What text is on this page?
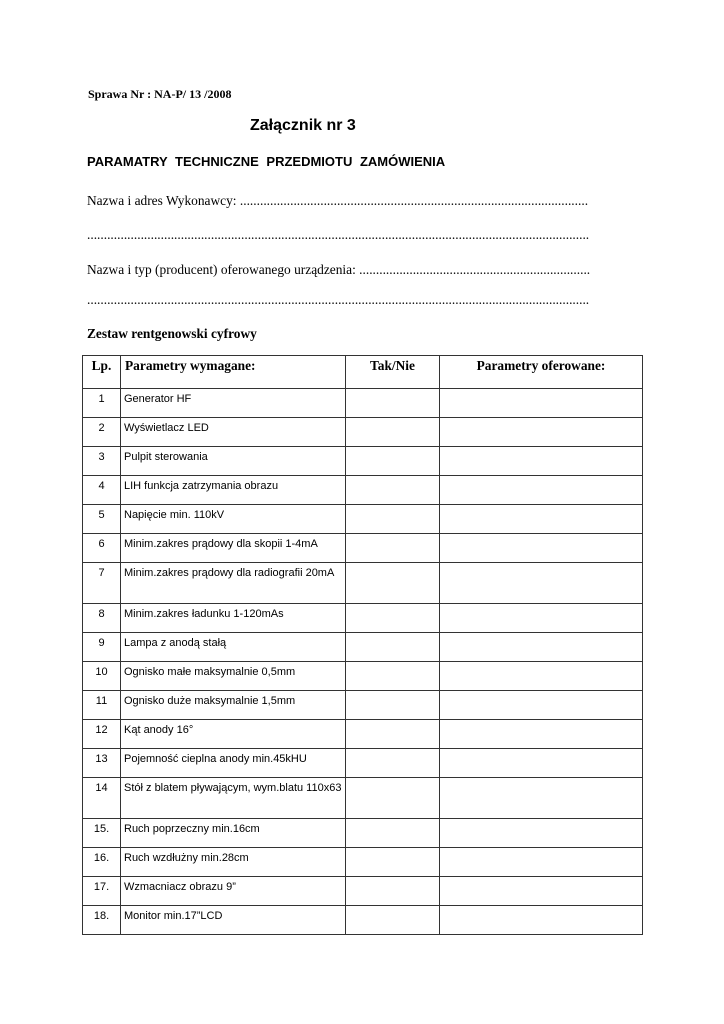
Sprawa Nr : NA-P/ 13 /2008
Załącznik nr 3
PARAMATRY TECHNICZNE PRZEDMIOTU ZAMÓWIENIA
Nazwa i adres Wykonawcy: ........................................................................................................
......................................................................................................................................................
Nazwa i typ (producent) oferowanego urządzenia: .....................................................................
......................................................................................................................................................
Zestaw rentgenowski cyfrowy
Lp.	Parametry wymagane:	Tak/Nie	Parametry oferowane:
1	Generator HF		
2	Wyświetlacz LED		
3	Pulpit sterowania		
4	LIH funkcja zatrzymania obrazu		
5	Napięcie min. 110kV		
6	Minim.zakres prądowy dla skopii 1-4mA		
7	Minim.zakres prądowy dla radiografii 20mA		
8	Minim.zakres ładunku 1-120mAs		
9	Lampa z anodą stałą		
10	Ognisko małe maksymalnie 0,5mm		
11	Ognisko duże maksymalnie 1,5mm		
12	Kąt anody 16°		
13	Pojemność cieplna anody min.45kHU		
14	Stół z blatem pływającym, wym.blatu 110x63		
15.	Ruch poprzeczny min.16cm		
16.	Ruch wzdłużny min.28cm		
17.	Wzmacniacz obrazu 9”		
18.	Monitor min.17”LCD		
